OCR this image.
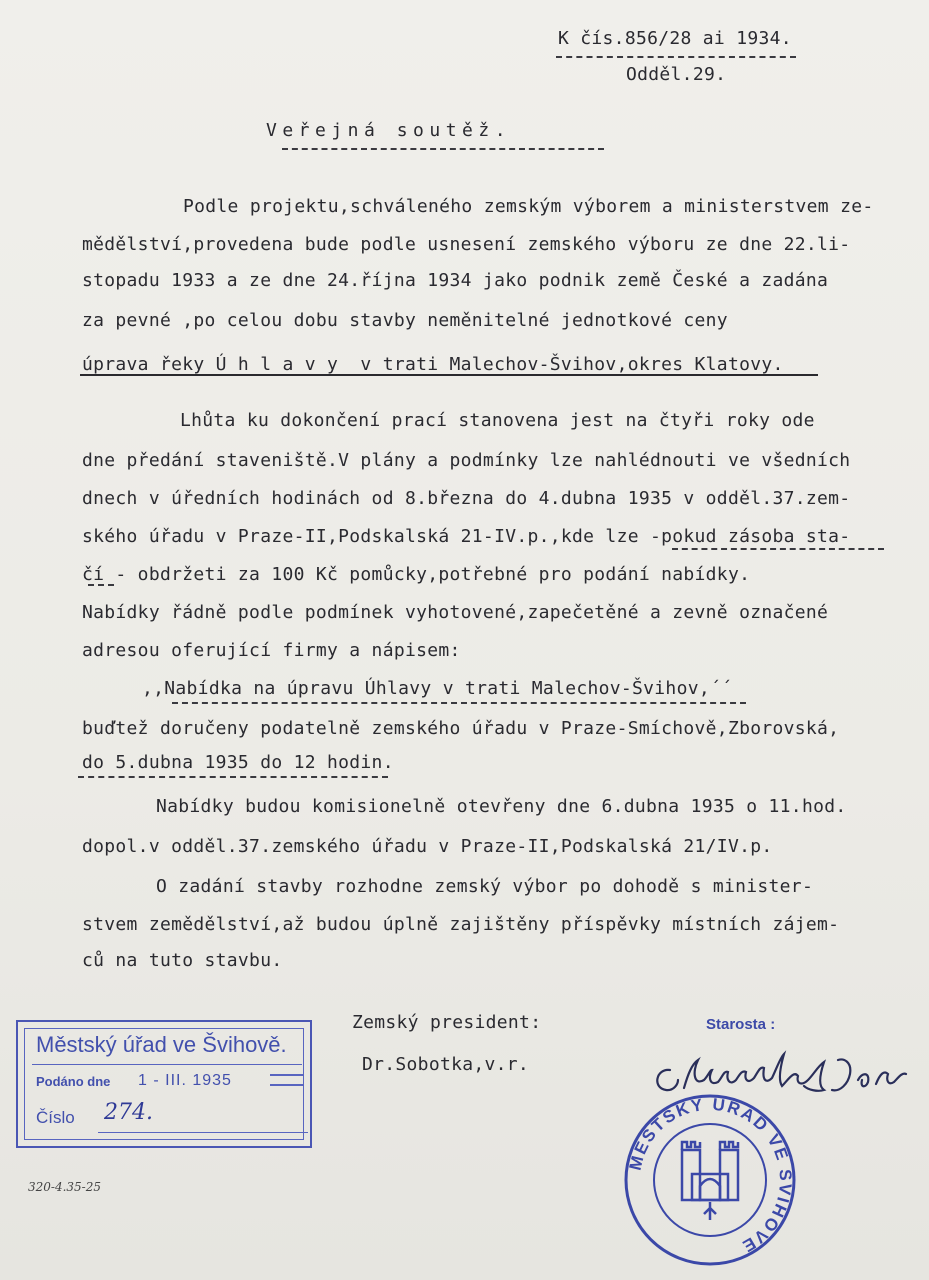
K čís.856/28 ai 1934.
Odděl.29.
Veřejná soutěž.
Podle projektu,schváleného zemským výborem a ministerstvem ze-
mědělství,provedena bude podle usnesení zemského výboru ze dne 22.li-
stopadu 1933 a ze dne 24.října 1934 jako podnik země České a zadána
za pevné ,po celou dobu stavby neměnitelné jednotkové ceny
úprava řeky Ú h l a v y  v trati Malechov-Švihov,okres Klatovy.
Lhůta ku dokončení prací stanovena jest na čtyři roky ode
dne předání staveniště.V plány a podmínky lze nahlédnouti ve všedních
dnech v úředních hodinách od 8.března do 4.dubna 1935 v odděl.37.zem-
ského úřadu v Praze-II,Podskalská 21-IV.p.,kde lze -pokud zásoba sta-
čí - obdržeti za 100 Kč pomůcky,potřebné pro podání nabídky.
Nabídky řádně podle podmínek vyhotovené,zapečetěné a zevně označené
adresou oferující firmy a nápisem:
,,Nabídka na úpravu Úhlavy v trati Malechov-Švihov,´´
buďtež doručeny podatelně zemského úřadu v Praze-Smíchově,Zborovská,
do 5.dubna 1935 do 12 hodin.
Nabídky budou komisionelně otevřeny dne 6.dubna 1935 o 11.hod.
dopol.v odděl.37.zemského úřadu v Praze-II,Podskalská 21/IV.p.
O zadání stavby rozhodne zemský výbor po dohodě s minister-
stvem zemědělství,až budou úplně zajištěny příspěvky místních zájem-
ců na tuto stavbu.
Zemský president:
Dr.Sobotka,v.r.
Městský úřad ve Švihově.
Podáno dne 1 - III. 1935
Číslo 274.
320-4.35-25
Starosta :
MĚSTSKÝ ÚŘAD VE ŠVIHOVĚ
